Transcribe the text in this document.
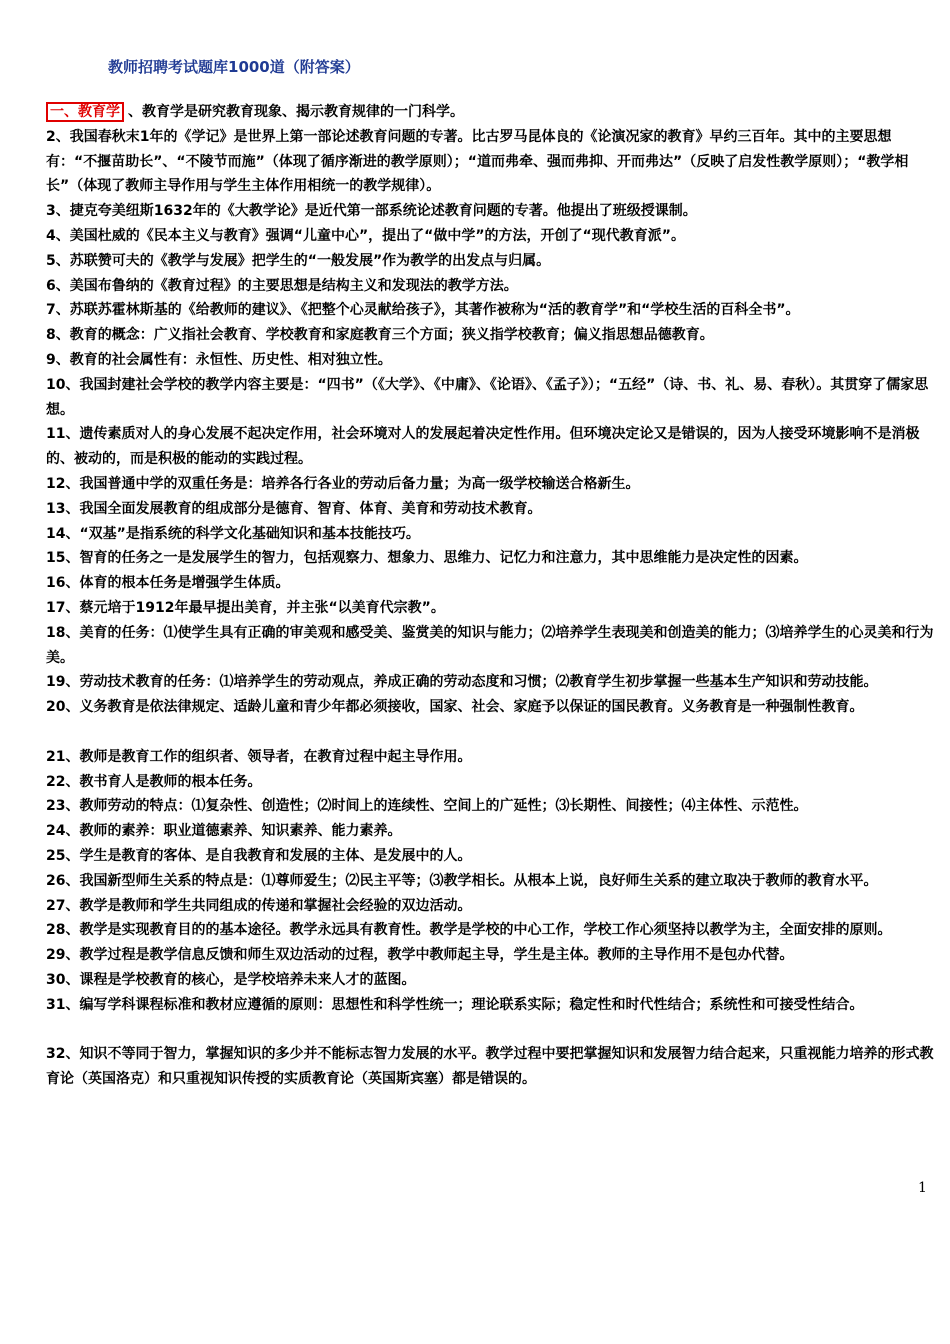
教师招聘考试题库1000道（附答案）

一、教育学 、教育学是研究教育现象、揭示教育规律的一门科学。

2、我国春秋末1年的《学记》是世界上第一部论述教育问题的专著。比古罗马昆体良的《论演况家的教育》早约三百年。其中的主要思想有：“不揠苗助长”、“不陵节而施”（体现了循序渐进的教学原则）；“道而弗牵、强而弗抑、开而弗达”（反映了启发性教学原则）；“教学相长”（体现了教师主导作用与学生主体作用相统一的教学规律）。

3、捷克夸美纽斯1632年的《大教学论》是近代第一部系统论述教育问题的专著。他提出了班级授课制。

4、美国杜威的《民本主义与教育》强调“儿童中心”，提出了“做中学”的方法，开创了“现代教育派”。

5、苏联赞可夫的《教学与发展》把学生的“一般发展”作为教学的出发点与归属。

6、美国布鲁纳的《教育过程》的主要思想是结构主义和发现法的教学方法。

7、苏联苏霍林斯基的《给教师的建议》、《把整个心灵献给孩子》，其著作被称为“活的教育学”和“学校生活的百科全书”。

8、教育的概念：广义指社会教育、学校教育和家庭教育三个方面；狭义指学校教育；偏义指思想品德教育。

9、教育的社会属性有：永恒性、历史性、相对独立性。

10、我国封建社会学校的教学内容主要是：“四书”（《大学》、《中庸》、《论语》、《孟子》）；“五经”（诗、书、礼、易、春秋）。其贯穿了儒家思想。

11、遗传素质对人的身心发展不起决定作用，社会环境对人的发展起着决定性作用。但环境决定论又是错误的，因为人接受环境影响不是消极的、被动的，而是积极的能动的实践过程。

12、我国普通中学的双重任务是：培养各行各业的劳动后备力量；为高一级学校输送合格新生。

13、我国全面发展教育的组成部分是德育、智育、体育、美育和劳动技术教育。

14、“双基”是指系统的科学文化基础知识和基本技能技巧。

15、智育的任务之一是发展学生的智力，包括观察力、想象力、思维力、记忆力和注意力，其中思维能力是决定性的因素。

16、体育的根本任务是增强学生体质。

17、蔡元培于1912年最早提出美育，并主张“以美育代宗教”。

18、美育的任务：⑴使学生具有正确的审美观和感受美、鉴赏美的知识与能力；⑵培养学生表现美和创造美的能力；⑶培养学生的心灵美和行为美。

19、劳动技术教育的任务：⑴培养学生的劳动观点，养成正确的劳动态度和习惯；⑵教育学生初步掌握一些基本生产知识和劳动技能。

20、义务教育是依法律规定、适龄儿童和青少年都必须接收，国家、社会、家庭予以保证的国民教育。义务教育是一种强制性教育。

21、教师是教育工作的组织者、领导者，在教育过程中起主导作用。

22、教书育人是教师的根本任务。

23、教师劳动的特点：⑴复杂性、创造性；⑵时间上的连续性、空间上的广延性；⑶长期性、间接性；⑷主体性、示范性。

24、教师的素养：职业道德素养、知识素养、能力素养。

25、学生是教育的客体、是自我教育和发展的主体、是发展中的人。

26、我国新型师生关系的特点是：⑴尊师爱生；⑵民主平等；⑶教学相长。从根本上说，良好师生关系的建立取决于教师的教育水平。

27、教学是教师和学生共同组成的传递和掌握社会经验的双边活动。

28、教学是实现教育目的的基本途径。教学永远具有教育性。教学是学校的中心工作，学校工作心须坚持以教学为主，全面安排的原则。

29、教学过程是教学信息反馈和师生双边活动的过程，教学中教师起主导，学生是主体。教师的主导作用不是包办代替。

30、课程是学校教育的核心，是学校培养未来人才的蓝图。

31、编写学科课程标准和教材应遵循的原则：思想性和科学性统一；理论联系实际；稳定性和时代性结合；系统性和可接受性结合。

32、知识不等同于智力，掌握知识的多少并不能标志智力发展的水平。教学过程中要把掌握知识和发展智力结合起来，只重视能力培养的形式教育论（英国洛克）和只重视知识传授的实质教育论（英国斯宾塞）都是错误的。

1
